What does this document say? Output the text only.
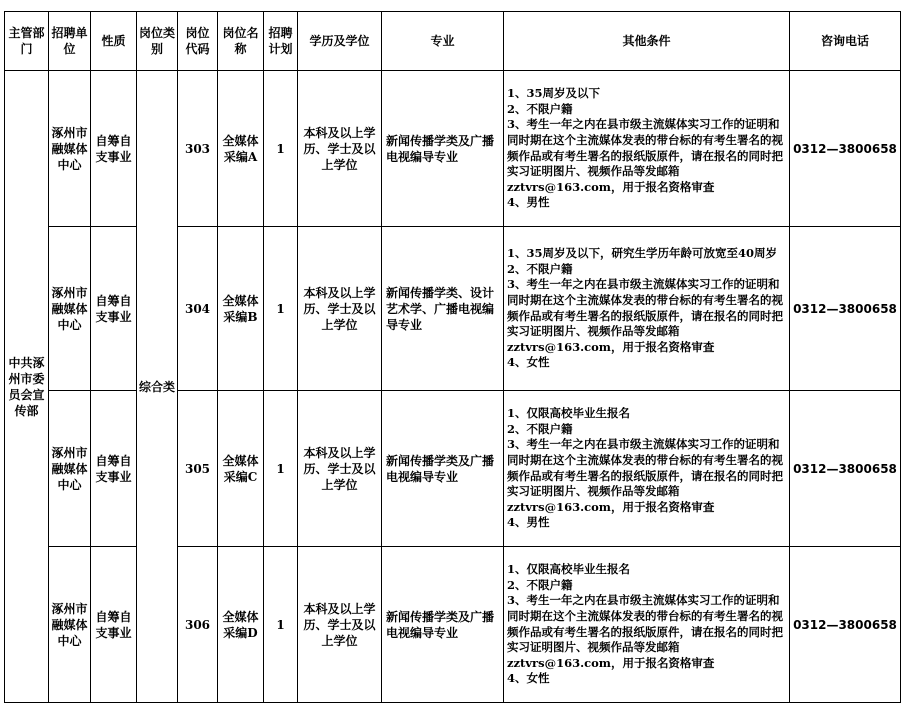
主管部门	招聘单位	性质	岗位类别	岗位代码	岗位名称	招聘计划	学历及学位	专业	其他条件	咨询电话
中共涿州市委员会宣传部	涿州市融媒体中心	自筹自支事业	综合类	303	全媒体采编A	1	本科及以上学历、学士及以上学位	新闻传播学类及广播电视编导专业	1、35周岁及以下
2、不限户籍
3、考生一年之内在县市级主流媒体实习工作的证明和同时期在这个主流媒体发表的带台标的有考生署名的视频作品或有考生署名的报纸版原件，请在报名的同时把实习证明图片、视频作品等发邮箱zztvrs@163.com，用于报名资格审查
4、男性	0312—3800658
	涿州市融媒体中心	自筹自支事业		304	全媒体采编B	1	本科及以上学历、学士及以上学位	新闻传播学类、设计艺术学、广播电视编导专业	1、35周岁及以下，研究生学历年龄可放宽至40周岁
2、不限户籍
3、考生一年之内在县市级主流媒体实习工作的证明和同时期在这个主流媒体发表的带台标的有考生署名的视频作品或有考生署名的报纸版原件，请在报名的同时把实习证明图片、视频作品等发邮箱zztvrs@163.com，用于报名资格审查
4、女性	0312—3800658
	涿州市融媒体中心	自筹自支事业		305	全媒体采编C	1	本科及以上学历、学士及以上学位	新闻传播学类及广播电视编导专业	1、仅限高校毕业生报名
2、不限户籍
3、考生一年之内在县市级主流媒体实习工作的证明和同时期在这个主流媒体发表的带台标的有考生署名的视频作品或有考生署名的报纸版原件，请在报名的同时把实习证明图片、视频作品等发邮箱zztvrs@163.com，用于报名资格审查
4、男性	0312—3800658
	涿州市融媒体中心	自筹自支事业		306	全媒体采编D	1	本科及以上学历、学士及以上学位	新闻传播学类及广播电视编导专业	1、仅限高校毕业生报名
2、不限户籍
3、考生一年之内在县市级主流媒体实习工作的证明和同时期在这个主流媒体发表的带台标的有考生署名的视频作品或有考生署名的报纸版原件，请在报名的同时把实习证明图片、视频作品等发邮箱zztvrs@163.com，用于报名资格审查
4、女性	0312—3800658
